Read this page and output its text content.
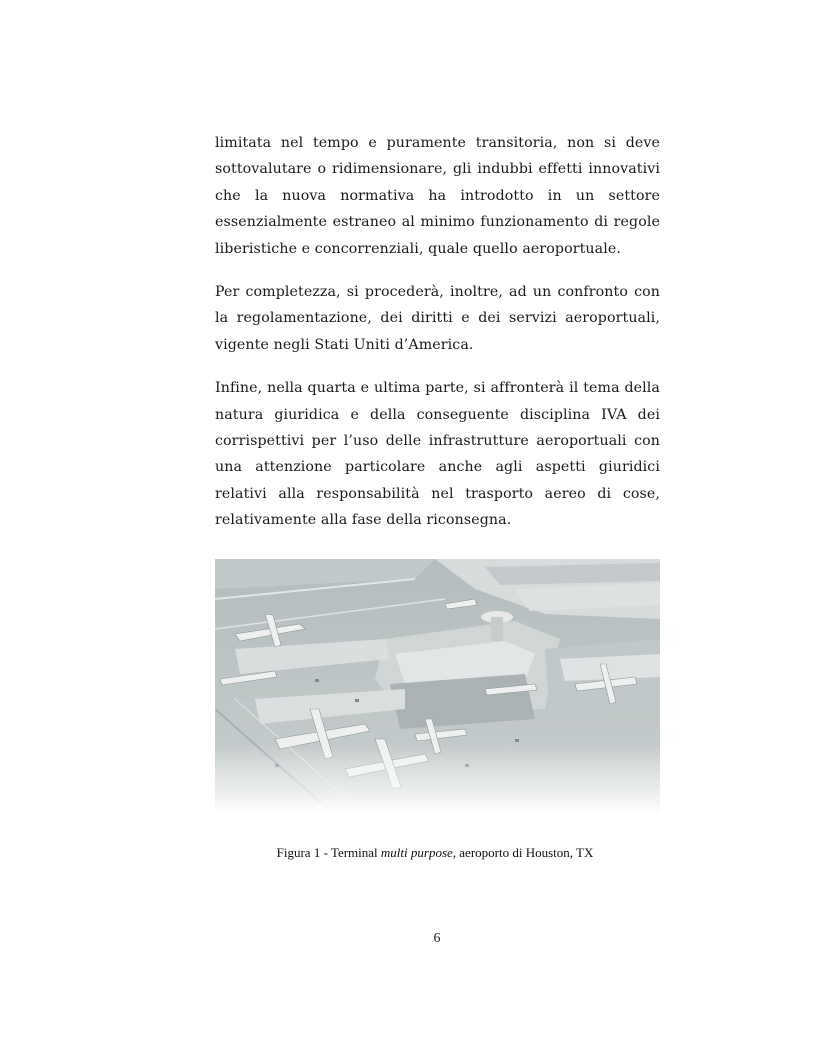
limitata nel tempo e puramente transitoria, non si deve sottovalutare o ridimensionare, gli indubbi effetti innovativi che la nuova normativa ha introdotto in un settore essenzialmente estraneo al minimo funzionamento di regole liberistiche e concorrenziali, quale quello aeroportuale.

Per completezza, si procederà, inoltre, ad un confronto con la regolamentazione, dei diritti e dei servizi aeroportuali, vigente negli Stati Uniti d’America.

Infine, nella quarta e ultima parte, si affronterà il tema della natura giuridica e della conseguente disciplina IVA dei corrispettivi per l’uso delle infrastrutture aeroportuali con una attenzione particolare anche agli aspetti giuridici relativi alla responsabilità nel trasporto aereo di cose, relativamente alla fase della riconsegna.

Figura 1 - Terminal multi purpose, aeroporto di Houston, TX
6
